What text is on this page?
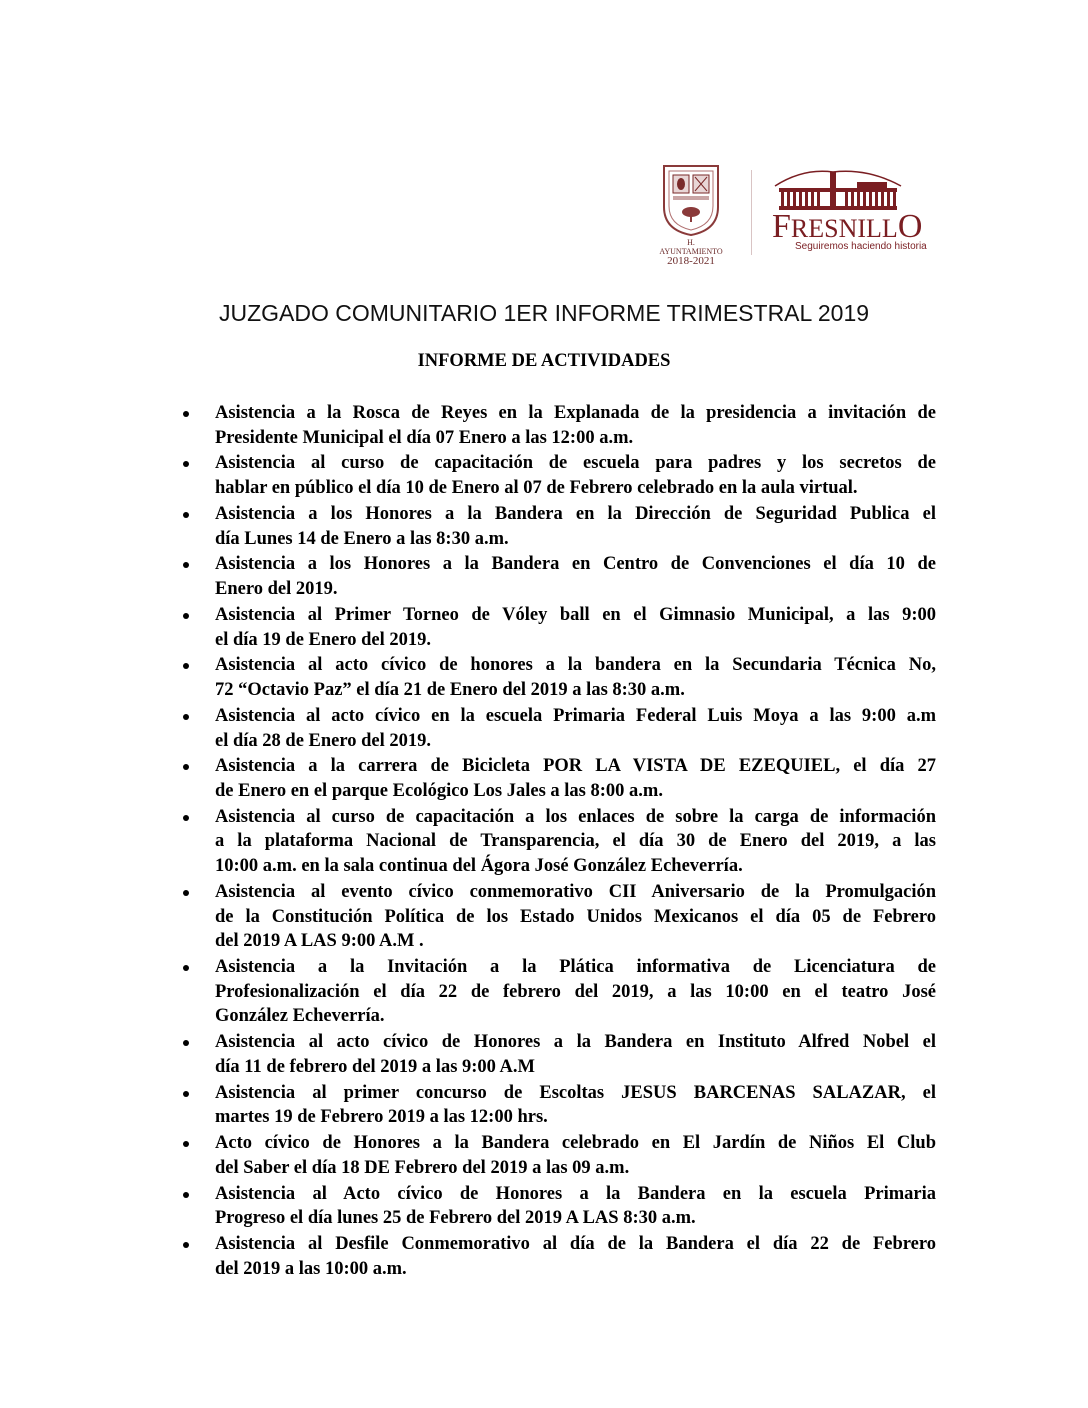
H. AYUNTAMIENTO
2018-2021
FRESNILLO
Seguiremos haciendo historia
JUZGADO COMUNITARIO 1ER INFORME TRIMESTRAL 2019
INFORME DE ACTIVIDADES
Asistencia a la Rosca de Reyes en la Explanada de la presidencia a invitación de
Presidente Municipal el día 07 Enero a las 12:00 a.m.
Asistencia al curso de capacitación de escuela para padres y los secretos de
hablar en público el día 10 de Enero al 07 de Febrero celebrado en la aula virtual.
Asistencia a los Honores a la Bandera en la Dirección de Seguridad Publica el
día Lunes 14 de Enero a las 8:30 a.m.
Asistencia a los Honores a la Bandera en Centro de Convenciones el día 10 de
Enero del 2019.
Asistencia al Primer Torneo de Vóley ball en el Gimnasio Municipal, a las 9:00
el día 19 de Enero del 2019.
Asistencia al acto cívico de honores a la bandera en la Secundaria Técnica No,
72 “Octavio Paz” el día 21 de Enero del 2019 a las 8:30 a.m.
Asistencia al acto cívico en la escuela Primaria Federal Luis Moya a las 9:00 a.m
el día 28 de Enero del 2019.
Asistencia a la carrera de Bicicleta POR LA VISTA DE EZEQUIEL, el día 27
de Enero en el parque Ecológico Los Jales a las 8:00 a.m.
Asistencia al curso de capacitación a los enlaces de sobre la carga de información
a la plataforma Nacional de Transparencia, el día 30 de Enero del 2019, a las
10:00 a.m. en la sala continua del Ágora José González Echeverría.
Asistencia al evento cívico conmemorativo CII Aniversario de la Promulgación
de la Constitución Política de los Estado Unidos Mexicanos el día 05 de Febrero
del 2019 A LAS 9:00 A.M .
Asistencia a la Invitación a la Plática informativa de Licenciatura de
Profesionalización el día 22 de febrero del 2019, a las 10:00 en el teatro José
González Echeverría.
Asistencia al acto cívico de Honores a la Bandera en Instituto Alfred Nobel el
día 11 de febrero del 2019 a las 9:00 A.M
Asistencia al primer concurso de Escoltas JESUS BARCENAS SALAZAR, el
martes 19 de Febrero 2019 a las 12:00 hrs.
Acto cívico de Honores a la Bandera celebrado en El Jardín de Niños El Club
del Saber el día 18 DE Febrero del 2019 a las 09 a.m.
Asistencia al Acto cívico de Honores a la Bandera en la escuela Primaria
Progreso el día lunes 25 de Febrero del 2019 A LAS 8:30 a.m.
Asistencia al Desfile Conmemorativo al día de la Bandera el día 22 de Febrero
del 2019 a las 10:00 a.m.
